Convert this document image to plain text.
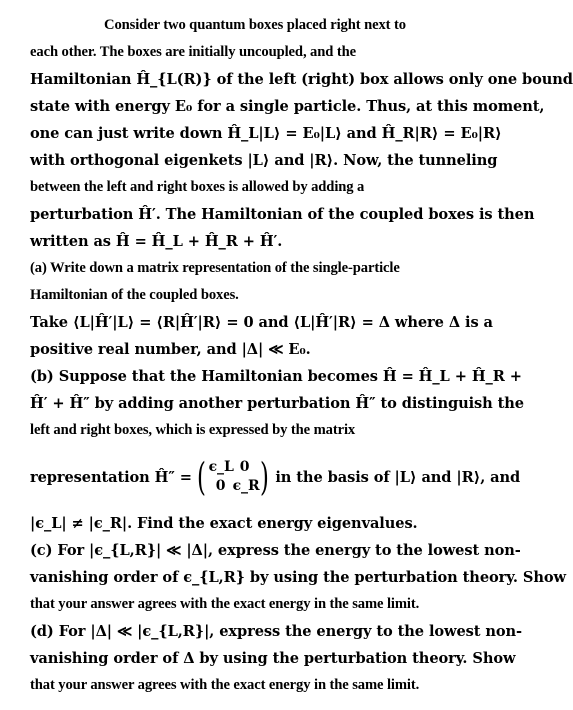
Consider two quantum boxes placed right next to
each other. The boxes are initially uncoupled, and the
Hamiltonian Ĥ_{L(R)} of the left (right) box allows only one bound
state with energy E₀ for a single particle. Thus, at this moment,
one can just write down Ĥ_L|L⟩ = E₀|L⟩ and Ĥ_R|R⟩ = E₀|R⟩
with orthogonal eigenkets |L⟩ and |R⟩. Now, the tunneling
between the left and right boxes is allowed by adding a
perturbation Ĥ′. The Hamiltonian of the coupled boxes is then
written as Ĥ = Ĥ_L + Ĥ_R + Ĥ′.
(a) Write down a matrix representation of the single-particle
Hamiltonian of the coupled boxes.
Take ⟨L|Ĥ′|L⟩ = ⟨R|Ĥ′|R⟩ = 0 and ⟨L|Ĥ′|R⟩ = Δ where Δ is a
positive real number, and |Δ| ≪ E₀.
(b) Suppose that the Hamiltonian becomes Ĥ = Ĥ_L + Ĥ_R +
Ĥ′ + Ĥ″ by adding another perturbation Ĥ″ to distinguish the
left and right boxes, which is expressed by the matrix
representation Ĥ″ = ( ϵ_L 0
0 ϵ_R ) in the basis of |L⟩ and |R⟩, and
|ϵ_L| ≠ |ϵ_R|. Find the exact energy eigenvalues.
(c) For |ϵ_{L,R}| ≪ |Δ|, express the energy to the lowest non-
vanishing order of ϵ_{L,R} by using the perturbation theory. Show
that your answer agrees with the exact energy in the same limit.
(d) For |Δ| ≪ |ϵ_{L,R}|, express the energy to the lowest non-
vanishing order of Δ by using the perturbation theory. Show
that your answer agrees with the exact energy in the same limit.
